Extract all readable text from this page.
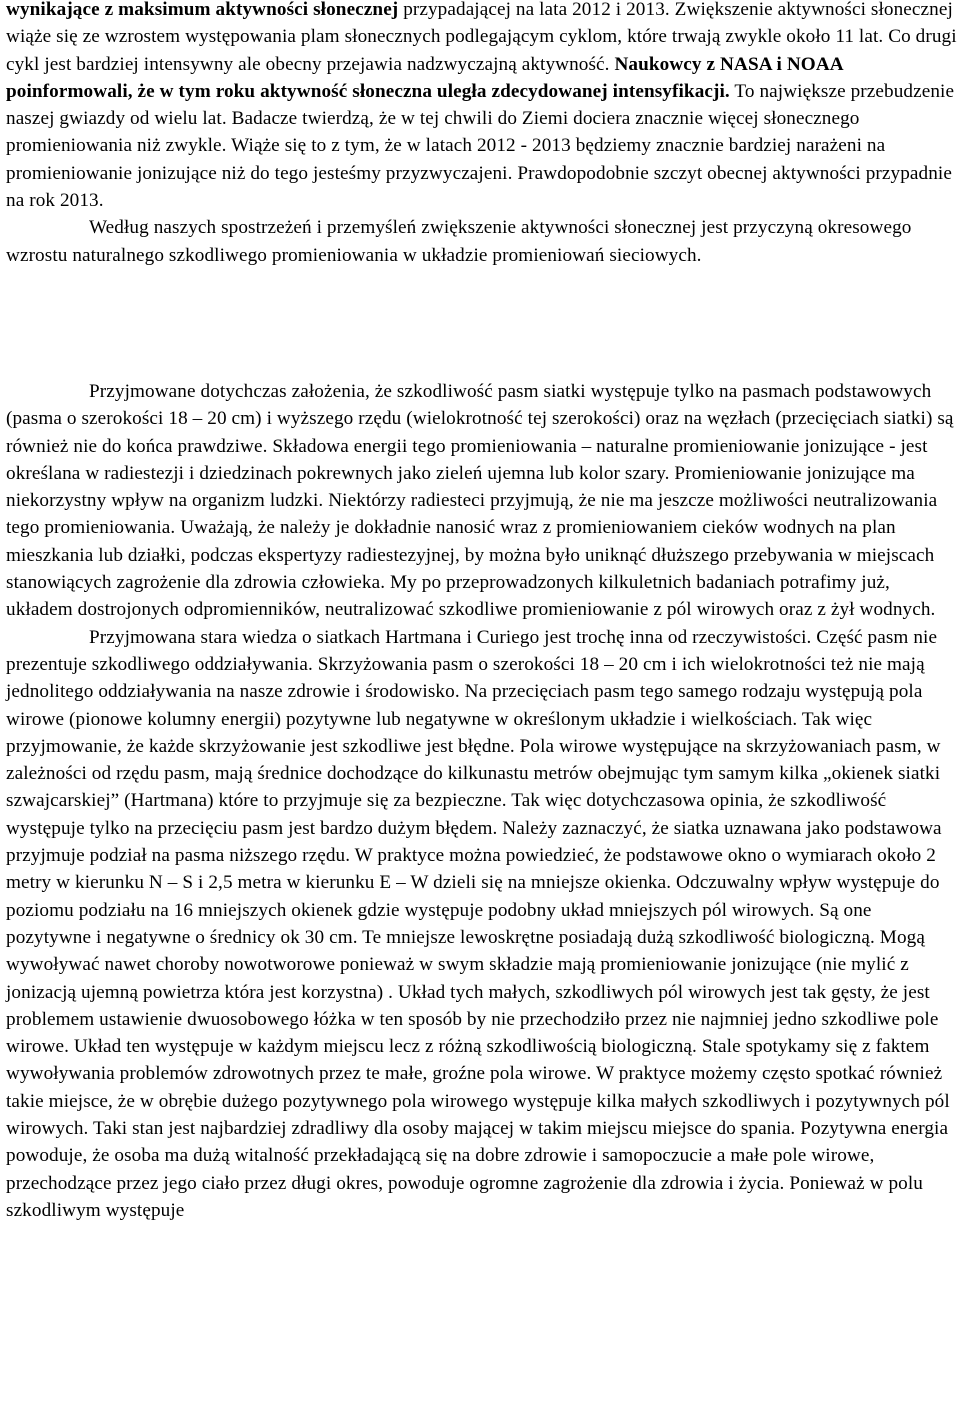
wynikające z maksimum aktywności słonecznej przypadającej na lata 2012 i 2013. Zwiększenie aktywności słonecznej wiąże się ze wzrostem występowania plam słonecznych podlegającym cyklom, które trwają zwykle około 11 lat. Co drugi cykl jest bardziej intensywny ale obecny przejawia nadzwyczajną aktywność. Naukowcy z NASA i NOAA poinformowali, że w tym roku aktywność słoneczna uległa zdecydowanej intensyfikacji. To największe przebudzenie naszej gwiazdy od wielu lat. Badacze twierdzą, że w tej chwili do Ziemi dociera znacznie więcej słonecznego promieniowania niż zwykle. Wiąże się to z tym, że w latach 2012 - 2013 będziemy znacznie bardziej narażeni na promieniowanie jonizujące niż do tego jesteśmy przyzwyczajeni. Prawdopodobnie szczyt obecnej aktywności przypadnie na rok 2013.

Według naszych spostrzeżeń i przemyśleń zwiększenie aktywności słonecznej jest przyczyną okresowego wzrostu naturalnego szkodliwego promieniowania w układzie promieniowań sieciowych.

Przyjmowane dotychczas założenia, że szkodliwość pasm siatki występuje tylko na pasmach podstawowych (pasma o szerokości 18 – 20 cm) i wyższego rzędu (wielokrotność tej szerokości) oraz na węzłach (przecięciach siatki) są również nie do końca prawdziwe. Składowa energii tego promieniowania – naturalne promieniowanie jonizujące - jest określana w radiestezji i dziedzinach pokrewnych jako zieleń ujemna lub kolor szary. Promieniowanie jonizujące ma niekorzystny wpływ na organizm ludzki. Niektórzy radiesteci przyjmują, że nie ma jeszcze możliwości neutralizowania tego promieniowania. Uważają, że należy je dokładnie nanosić wraz z promieniowaniem cieków wodnych na plan mieszkania lub działki, podczas ekspertyzy radiestezyjnej, by można było uniknąć dłuższego przebywania w miejscach stanowiących zagrożenie dla zdrowia człowieka. My po przeprowadzonych kilkuletnich badaniach potrafimy już, układem dostrojonych odpromienników, neutralizować szkodliwe promieniowanie z pól wirowych oraz z żył wodnych.

Przyjmowana stara wiedza o siatkach Hartmana i Curiego jest trochę inna od rzeczywistości. Część pasm nie prezentuje szkodliwego oddziaływania. Skrzyżowania pasm o szerokości 18 – 20 cm i ich wielokrotności też nie mają jednolitego oddziaływania na nasze zdrowie i środowisko. Na przecięciach pasm tego samego rodzaju występują pola wirowe (pionowe kolumny energii) pozytywne lub negatywne w określonym układzie i wielkościach. Tak więc przyjmowanie, że każde skrzyżowanie jest szkodliwe jest błędne. Pola wirowe występujące na skrzyżowaniach pasm, w zależności od rzędu pasm, mają średnice dochodzące do kilkunastu metrów obejmując tym samym kilka „okienek siatki szwajcarskiej” (Hartmana) które to przyjmuje się za bezpieczne. Tak więc dotychczasowa opinia, że szkodliwość występuje tylko na przecięciu pasm jest bardzo dużym błędem. Należy zaznaczyć, że siatka uznawana jako podstawowa przyjmuje podział na pasma niższego rzędu. W praktyce można powiedzieć, że podstawowe okno o wymiarach około 2 metry w kierunku N – S i 2,5 metra w kierunku E – W dzieli się na mniejsze okienka. Odczuwalny wpływ występuje do poziomu podziału na 16 mniejszych okienek gdzie występuje podobny układ mniejszych pól wirowych. Są one pozytywne i negatywne o średnicy ok 30 cm. Te mniejsze lewoskrętne posiadają dużą szkodliwość biologiczną. Mogą wywoływać nawet choroby nowotworowe ponieważ w swym składzie mają promieniowanie jonizujące (nie mylić z jonizacją ujemną powietrza która jest korzystna) . Układ tych małych, szkodliwych pól wirowych jest tak gęsty, że jest problemem ustawienie dwuosobowego łóżka w ten sposób by nie przechodziło przez nie najmniej jedno szkodliwe pole wirowe. Układ ten występuje w każdym miejscu lecz z różną szkodliwością biologiczną. Stale spotykamy się z faktem wywoływania problemów zdrowotnych przez te małe, groźne pola wirowe. W praktyce możemy często spotkać również takie miejsce, że w obrębie dużego pozytywnego pola wirowego występuje kilka małych szkodliwych i pozytywnych pól wirowych. Taki stan jest najbardziej zdradliwy dla osoby mającej w takim miejscu miejsce do spania. Pozytywna energia powoduje, że osoba ma dużą witalność przekładającą się na dobre zdrowie i samopoczucie a małe pole wirowe, przechodzące przez jego ciało przez długi okres, powoduje ogromne zagrożenie dla zdrowia i życia. Ponieważ w polu szkodliwym występuje
